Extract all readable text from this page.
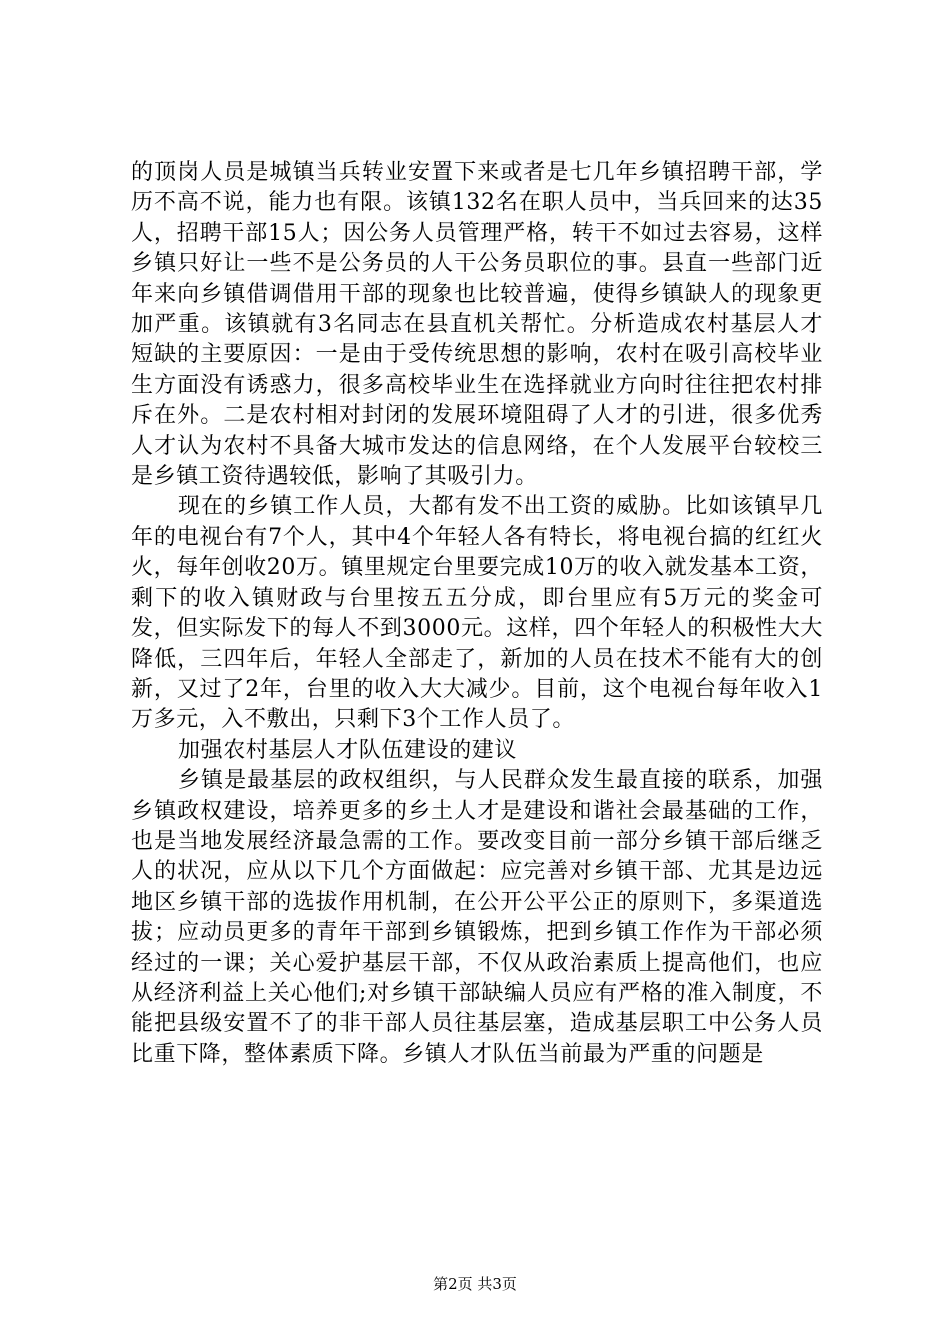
的顶岗人员是城镇当兵转业安置下来或者是七几年乡镇招聘干部，学历不高不说，能力也有限。该镇132名在职人员中，当兵回来的达35人，招聘干部15人；因公务人员管理严格，转干不如过去容易，这样乡镇只好让一些不是公务员的人干公务员职位的事。县直一些部门近年来向乡镇借调借用干部的现象也比较普遍，使得乡镇缺人的现象更加严重。该镇就有3名同志在县直机关帮忙。分析造成农村基层人才短缺的主要原因：一是由于受传统思想的影响，农村在吸引高校毕业生方面没有诱惑力，很多高校毕业生在选择就业方向时往往把农村排斥在外。二是农村相对封闭的发展环境阻碍了人才的引进，很多优秀人才认为农村不具备大城市发达的信息网络，在个人发展平台较校三是乡镇工资待遇较低，影响了其吸引力。

现在的乡镇工作人员，大都有发不出工资的威胁。比如该镇早几年的电视台有7个人，其中4个年轻人各有特长，将电视台搞的红红火火，每年创收20万。镇里规定台里要完成10万的收入就发基本工资，剩下的收入镇财政与台里按五五分成，即台里应有5万元的奖金可发，但实际发下的每人不到3000元。这样，四个年轻人的积极性大大降低，三四年后，年轻人全部走了，新加的人员在技术不能有大的创新，又过了2年，台里的收入大大减少。目前，这个电视台每年收入1万多元，入不敷出，只剩下3个工作人员了。

加强农村基层人才队伍建设的建议

乡镇是最基层的政权组织，与人民群众发生最直接的联系，加强乡镇政权建设，培养更多的乡土人才是建设和谐社会最基础的工作，也是当地发展经济最急需的工作。要改变目前一部分乡镇干部后继乏人的状况，应从以下几个方面做起：应完善对乡镇干部、尤其是边远地区乡镇干部的选拔作用机制，在公开公平公正的原则下，多渠道选拔；应动员更多的青年干部到乡镇锻炼，把到乡镇工作作为干部必须经过的一课；关心爱护基层干部，不仅从政治素质上提高他们，也应从经济利益上关心他们;对乡镇干部缺编人员应有严格的准入制度，不能把县级安置不了的非干部人员往基层塞，造成基层职工中公务人员比重下降，整体素质下降。乡镇人才队伍当前最为严重的问题是

第2页 共3页
